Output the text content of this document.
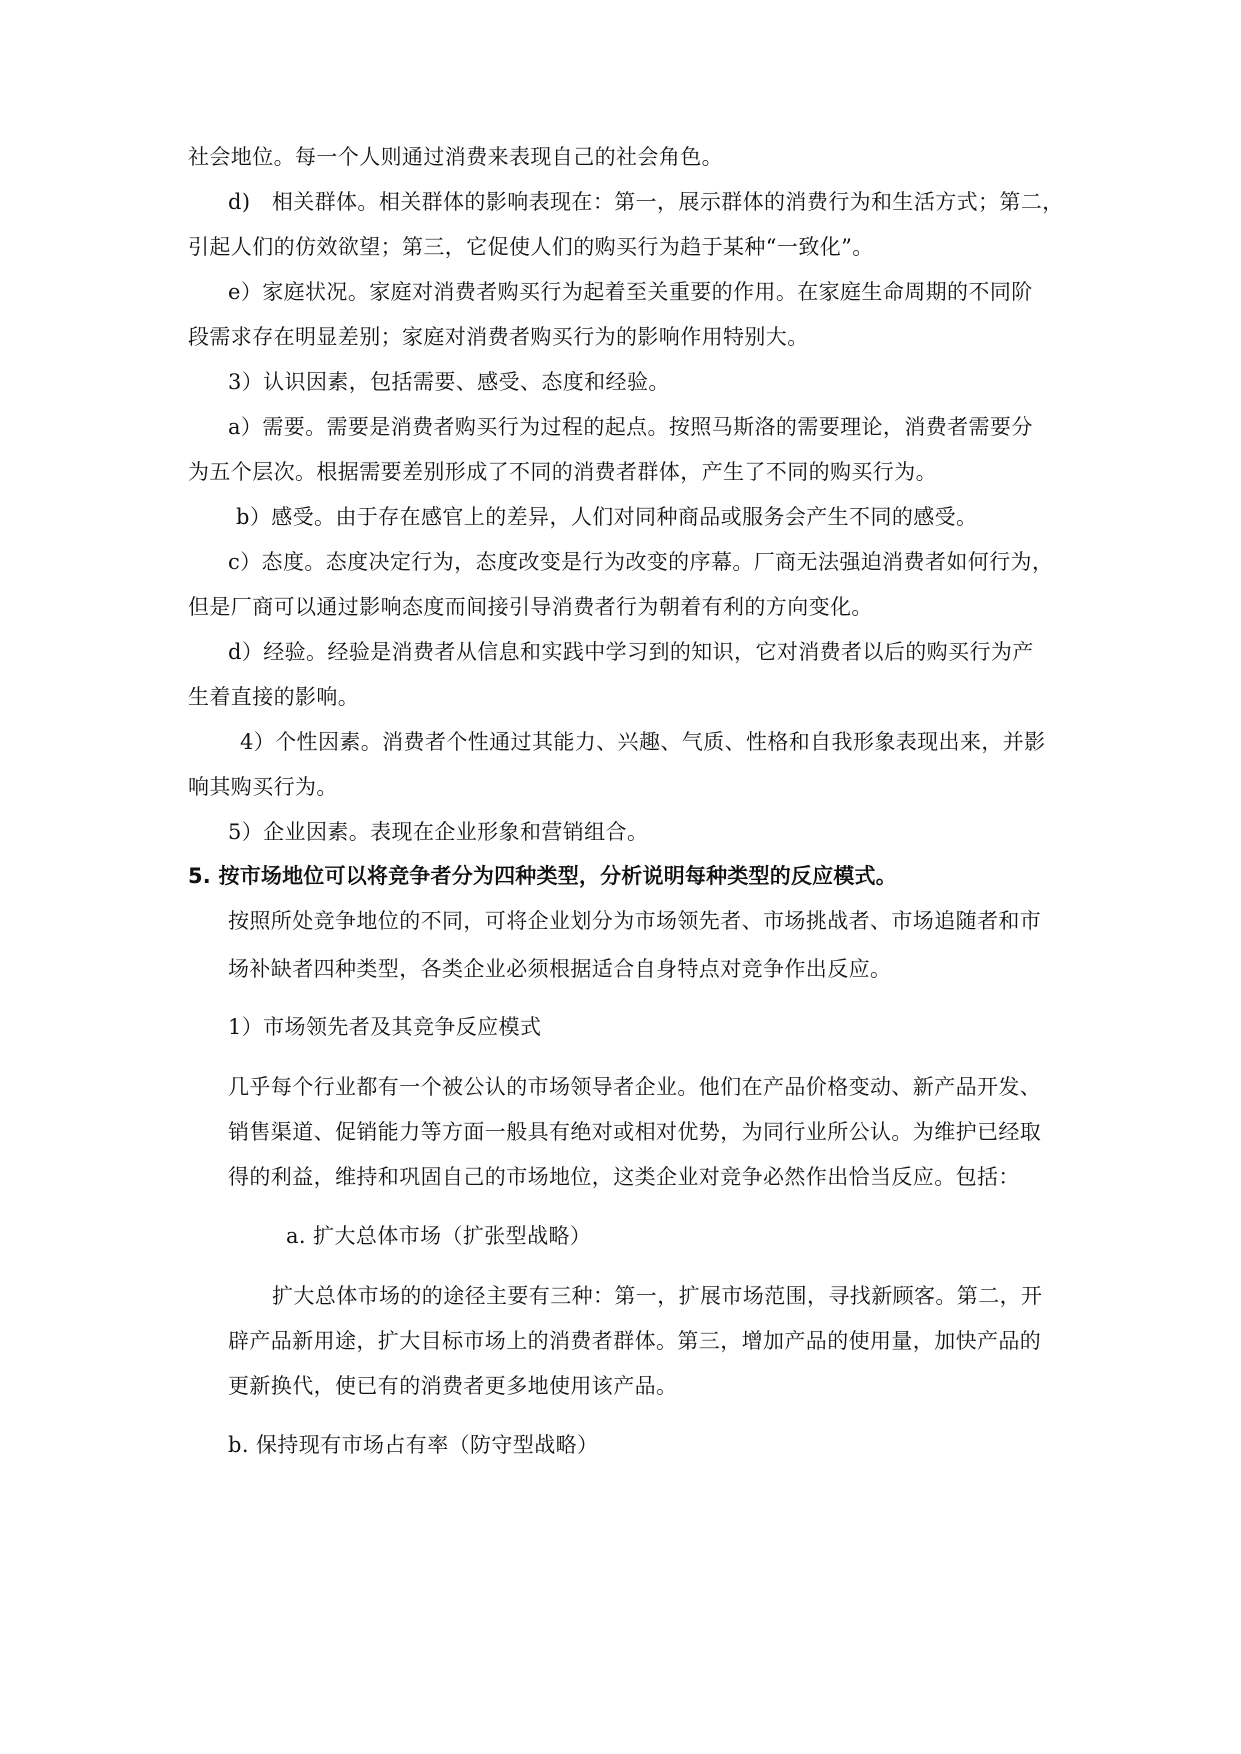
社会地位。每一个人则通过消费来表现自己的社会角色。
d)　相关群体。相关群体的影响表现在：第一，展示群体的消费行为和生活方式；第二，
引起人们的仿效欲望；第三，它促使人们的购买行为趋于某种“一致化”。
e）家庭状况。家庭对消费者购买行为起着至关重要的作用。在家庭生命周期的不同阶
段需求存在明显差别；家庭对消费者购买行为的影响作用特别大。
3）认识因素，包括需要、感受、态度和经验。
a）需要。需要是消费者购买行为过程的起点。按照马斯洛的需要理论，消费者需要分
为五个层次。根据需要差别形成了不同的消费者群体，产生了不同的购买行为。
b）感受。由于存在感官上的差异，人们对同种商品或服务会产生不同的感受。
c）态度。态度决定行为，态度改变是行为改变的序幕。厂商无法强迫消费者如何行为，
但是厂商可以通过影响态度而间接引导消费者行为朝着有利的方向变化。
d）经验。经验是消费者从信息和实践中学习到的知识，它对消费者以后的购买行为产
生着直接的影响。
4）个性因素。消费者个性通过其能力、兴趣、气质、性格和自我形象表现出来，并影
响其购买行为。
5）企业因素。表现在企业形象和营销组合。
5. 按市场地位可以将竞争者分为四种类型，分析说明每种类型的反应模式。
按照所处竞争地位的不同，可将企业划分为市场领先者、市场挑战者、市场追随者和市
场补缺者四种类型，各类企业必须根据适合自身特点对竞争作出反应。
1）市场领先者及其竞争反应模式
几乎每个行业都有一个被公认的市场领导者企业。他们在产品价格变动、新产品开发、
销售渠道、促销能力等方面一般具有绝对或相对优势，为同行业所公认。为维护已经取
得的利益，维持和巩固自己的市场地位，这类企业对竞争必然作出恰当反应。包括：
a. 扩大总体市场（扩张型战略）
扩大总体市场的的途径主要有三种：第一，扩展市场范围，寻找新顾客。第二，开
辟产品新用途，扩大目标市场上的消费者群体。第三，增加产品的使用量，加快产品的
更新换代，使已有的消费者更多地使用该产品。
b. 保持现有市场占有率（防守型战略）
